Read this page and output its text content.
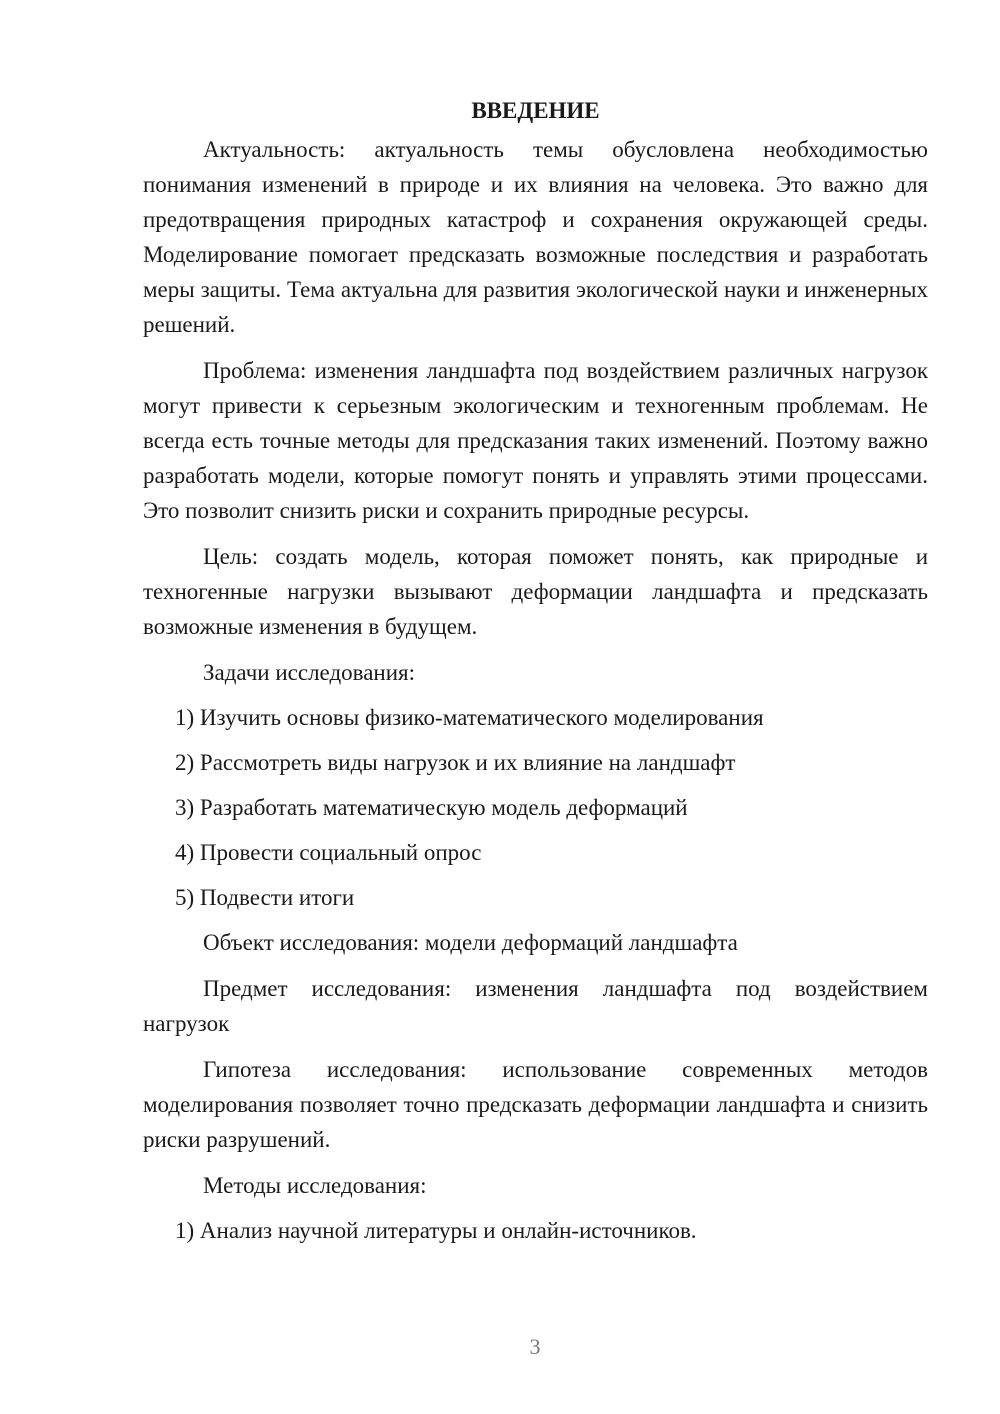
ВВЕДЕНИЕ

Актуальность: актуальность темы обусловлена необходимостью понимания изменений в природе и их влияния на человека. Это важно для предотвращения природных катастроф и сохранения окружающей среды. Моделирование помогает предсказать возможные последствия и разработать меры защиты. Тема актуальна для развития экологической науки и инженерных решений.

Проблема: изменения ландшафта под воздействием различных нагрузок могут привести к серьезным экологическим и техногенным проблемам. Не всегда есть точные методы для предсказания таких изменений. Поэтому важно разработать модели, которые помогут понять и управлять этими процессами. Это позволит снизить риски и сохранить природные ресурсы.

Цель: создать модель, которая поможет понять, как природные и техногенные нагрузки вызывают деформации ландшафта и предсказать возможные изменения в будущем.

Задачи исследования:

1) Изучить основы физико-математического моделирования

2) Рассмотреть виды нагрузок и их влияние на ландшафт

3) Разработать математическую модель деформаций

4) Провести социальный опрос

5) Подвести итоги

Объект исследования: модели деформаций ландшафта

Предмет исследования: изменения ландшафта под воздействием нагрузок

Гипотеза исследования: использование современных методов моделирования позволяет точно предсказать деформации ландшафта и снизить риски разрушений.

Методы исследования:

1) Анализ научной литературы и онлайн-источников.

3
